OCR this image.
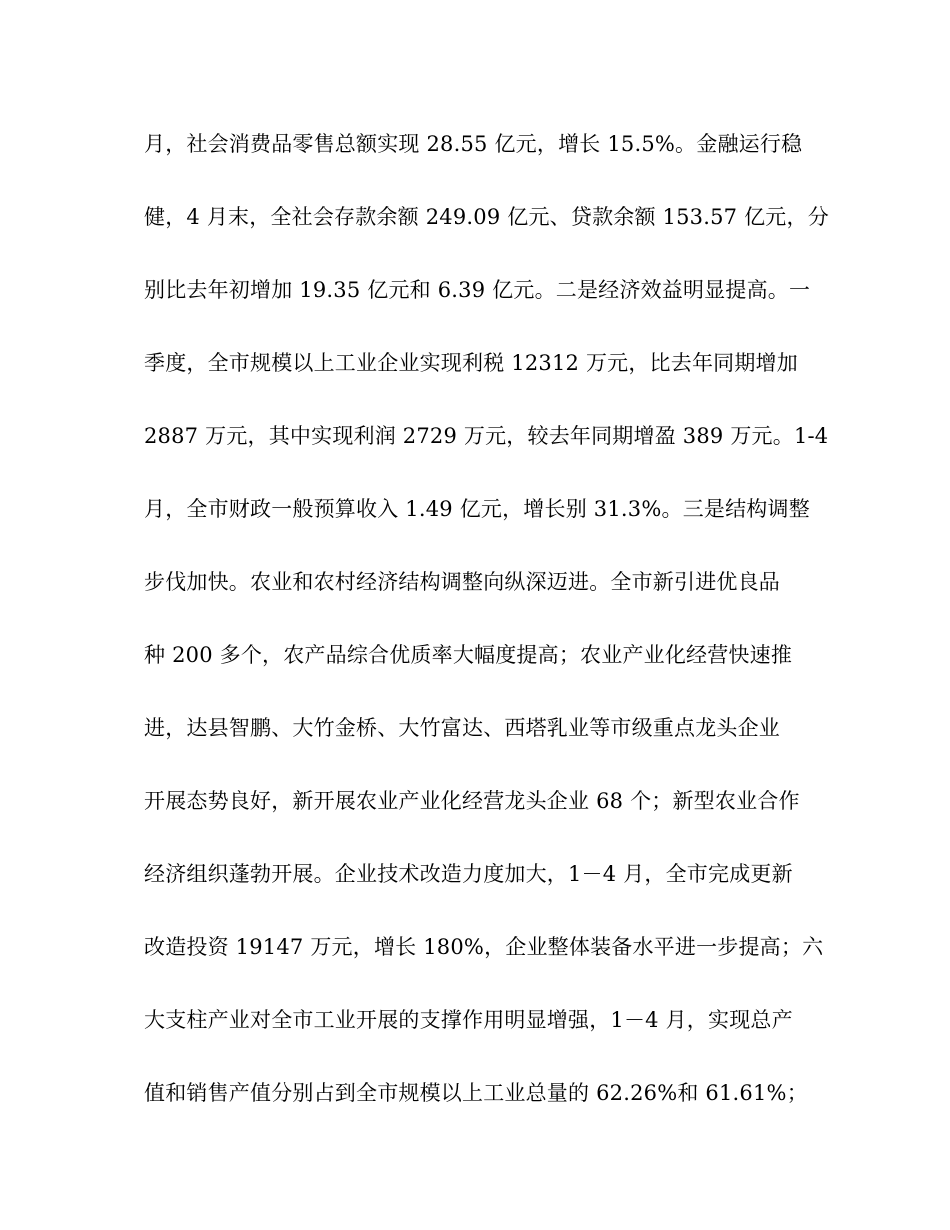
月，社会消费品零售总额实现 28.55 亿元，增长 15.5%。金融运行稳
健，4 月末，全社会存款余额 249.09 亿元、贷款余额 153.57 亿元，分
别比去年初增加 19.35 亿元和 6.39 亿元。二是经济效益明显提高。一
季度，全市规模以上工业企业实现利税 12312 万元，比去年同期增加
2887 万元，其中实现利润 2729 万元，较去年同期增盈 389 万元。1-4
月，全市财政一般预算收入 1.49 亿元，增长别 31.3%。三是结构调整
步伐加快。农业和农村经济结构调整向纵深迈进。全市新引进优良品
种 200 多个，农产品综合优质率大幅度提高；农业产业化经营快速推
进，达县智鹏、大竹金桥、大竹富达、西塔乳业等市级重点龙头企业
开展态势良好，新开展农业产业化经营龙头企业 68 个；新型农业合作
经济组织蓬勃开展。企业技术改造力度加大，1－4 月，全市完成更新
改造投资 19147 万元，增长 180%，企业整体装备水平进一步提高；六
大支柱产业对全市工业开展的支撑作用明显增强，1－4 月，实现总产
值和销售产值分别占到全市规模以上工业总量的 62.26%和 61.61%；
